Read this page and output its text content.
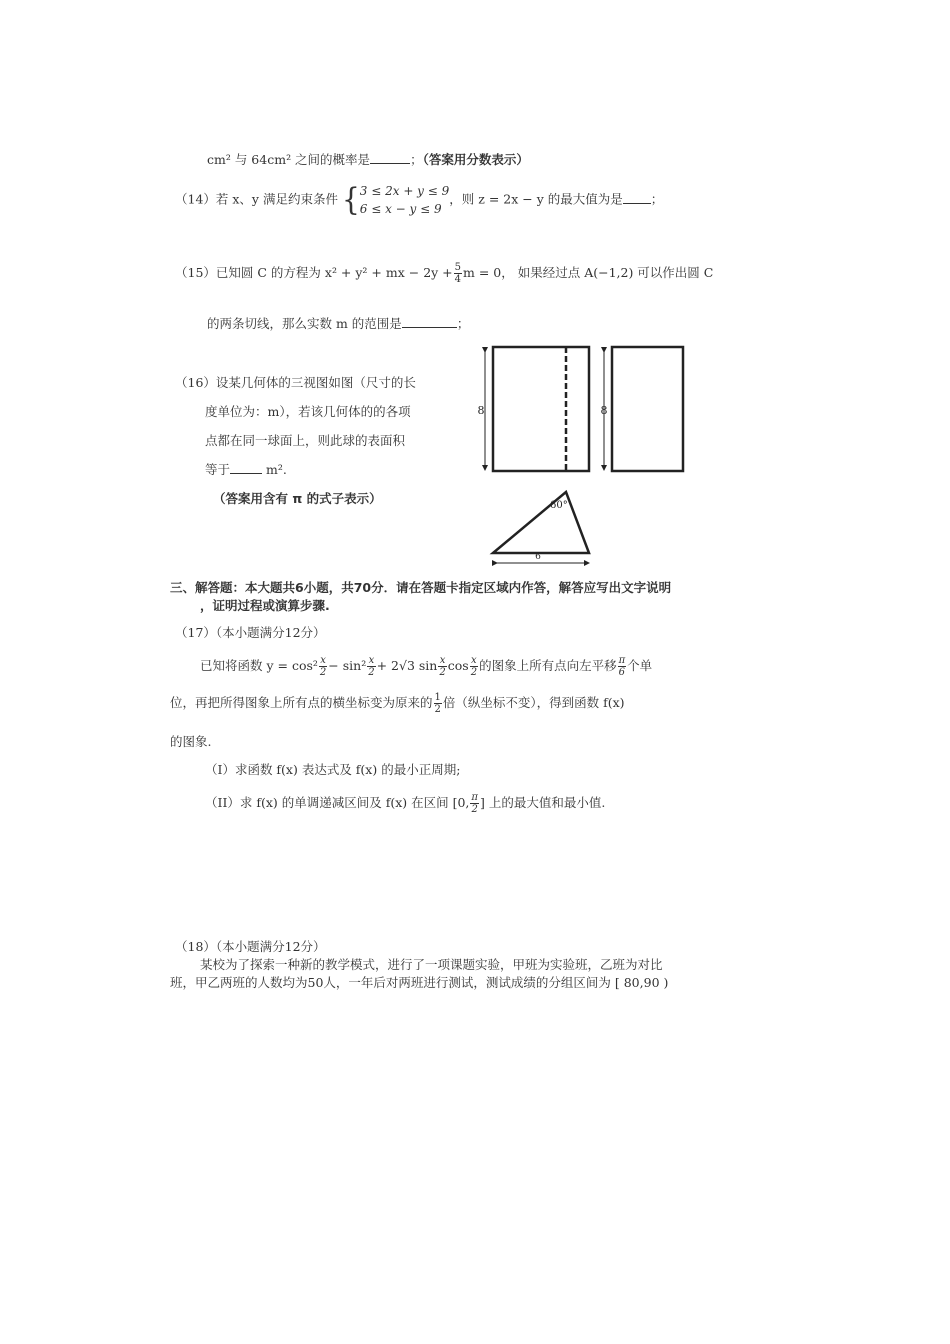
cm² 与 64cm² 之间的概率是	；（答案用分数表示）
（14）若 x、y 满足约束条件 { 3 ≤ 2x + y ≤ 9
6 ≤ x − y ≤ 9
，则 z = 2x − y 的最大值为是 ；
（15）已知圆 C 的方程为 x² + y² + mx − $2y + \frac{5}{4}$ m = 0， 如果经过点 A(−1,2) 可以作出圆 C
的两条切线，那么实数 m 的范围是	；
（16）设某几何体的三视图如图（尺寸的长
度单位为：m），若该几何体的的各项
点都在同一球面上，则此球的表面积
等于	m².
（答案用含有 π 的式子表示）
8	8
60°
6
三、解答题：本大题共6小题，共70分．请在答题卡指定区域内作答，解答应写出文字说明
，证明过程或演算步骤.
（17）（本小题满分12分）
已知将函数 $y = \cos^2 \frac{x}{2} - \sin^2 \frac{x}{2} + 2√3$ $\sin \frac{x}{2}$ $\cos \frac{x}{2}$ 的图象上所有点向左平移 $\frac{\pi}{6}$ 个单
位，再把所得图象上所有点的横坐标变为原来的 $\frac{1}{2}$ 倍（纵坐标不变），得到函数 f(x)
的图象.
（I）求函数 f(x) 表达式及 f(x) 的最小正周期;
（II）求 f(x) 的单调递减区间及 f(x) 在区间 [0, $\frac{\pi}{2}$ ] 上的最大值和最小值.
（18）（本小题满分12分）
某校为了探索一种新的教学模式，进行了一项课题实验，甲班为实验班，乙班为对比
班，甲乙两班的人数均为50人，一年后对两班进行测试，测试成绩的分组区间为 [ 80,90 )
